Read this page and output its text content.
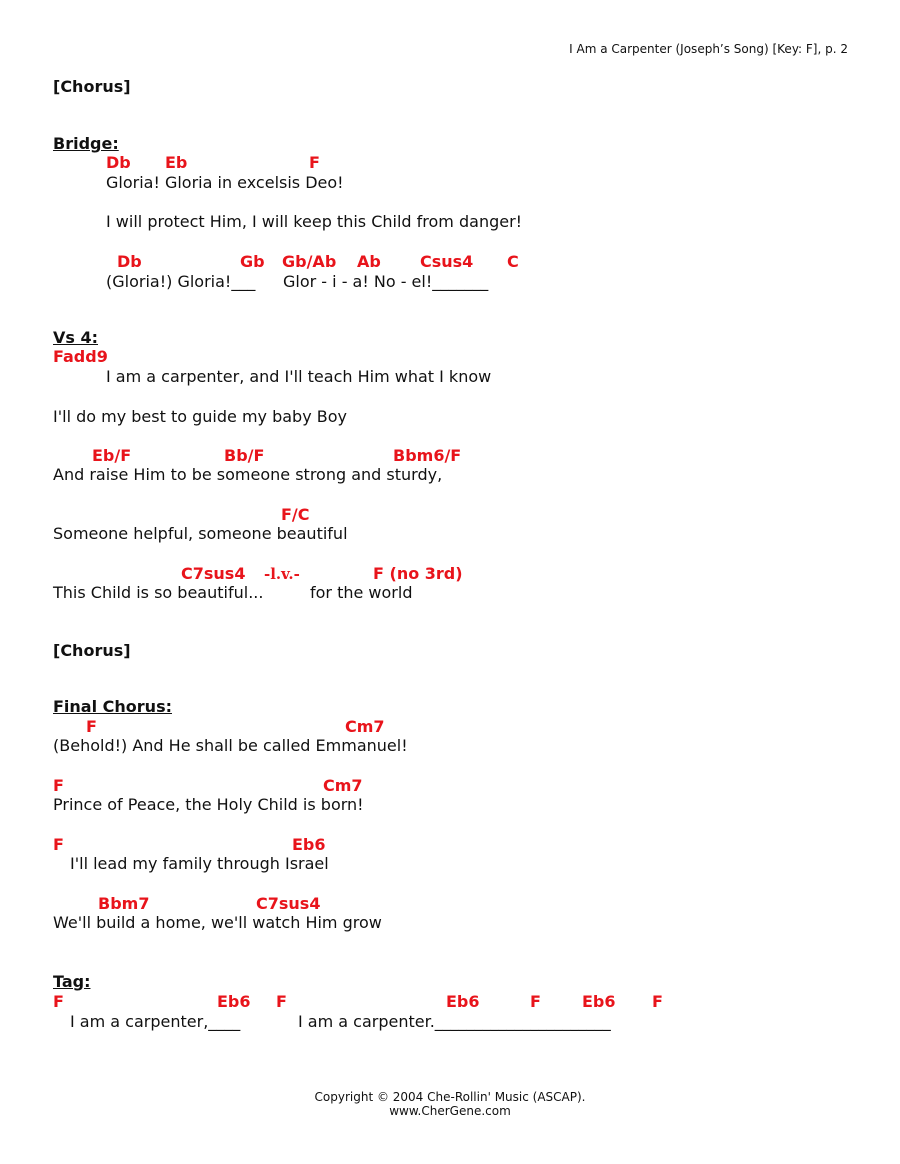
I Am a Carpenter (Joseph’s Song) [Key: F], p. 2
[Chorus]
Bridge:
Db Eb	F
Gloria! Gloria in excelsis Deo!
I will protect Him, I will keep this Child from danger!
Db	Gb Gb/Ab Ab Csus4 C
(Gloria!) Gloria!___ Glor - i - a! No - el!_______
Vs 4:
Fadd9
I am a carpenter, and I'll teach Him what I know
I'll do my best to guide my baby Boy
Eb/F	Bb/F	Bbm6/F
And raise Him to be someone strong and sturdy,
F/C
Someone helpful, someone beautiful
C7sus4 -l.v.-	F (no 3rd)
This Child is so beautiful...	for the world
[Chorus]
Final Chorus:
F	Cm7
(Behold!) And He shall be called Emmanuel!
F	Cm7
Prince of Peace, the Holy Child is born!
F	Eb6
I'll lead my family through Israel
Bbm7	C7sus4
We'll build a home, we'll watch Him grow
Tag:
F	Eb6 F	Eb6	F	Eb6 F
I am a carpenter,____	I am a carpenter.______________________
Copyright © 2004 Che-Rollin' Music (ASCAP).
www.CherGene.com
